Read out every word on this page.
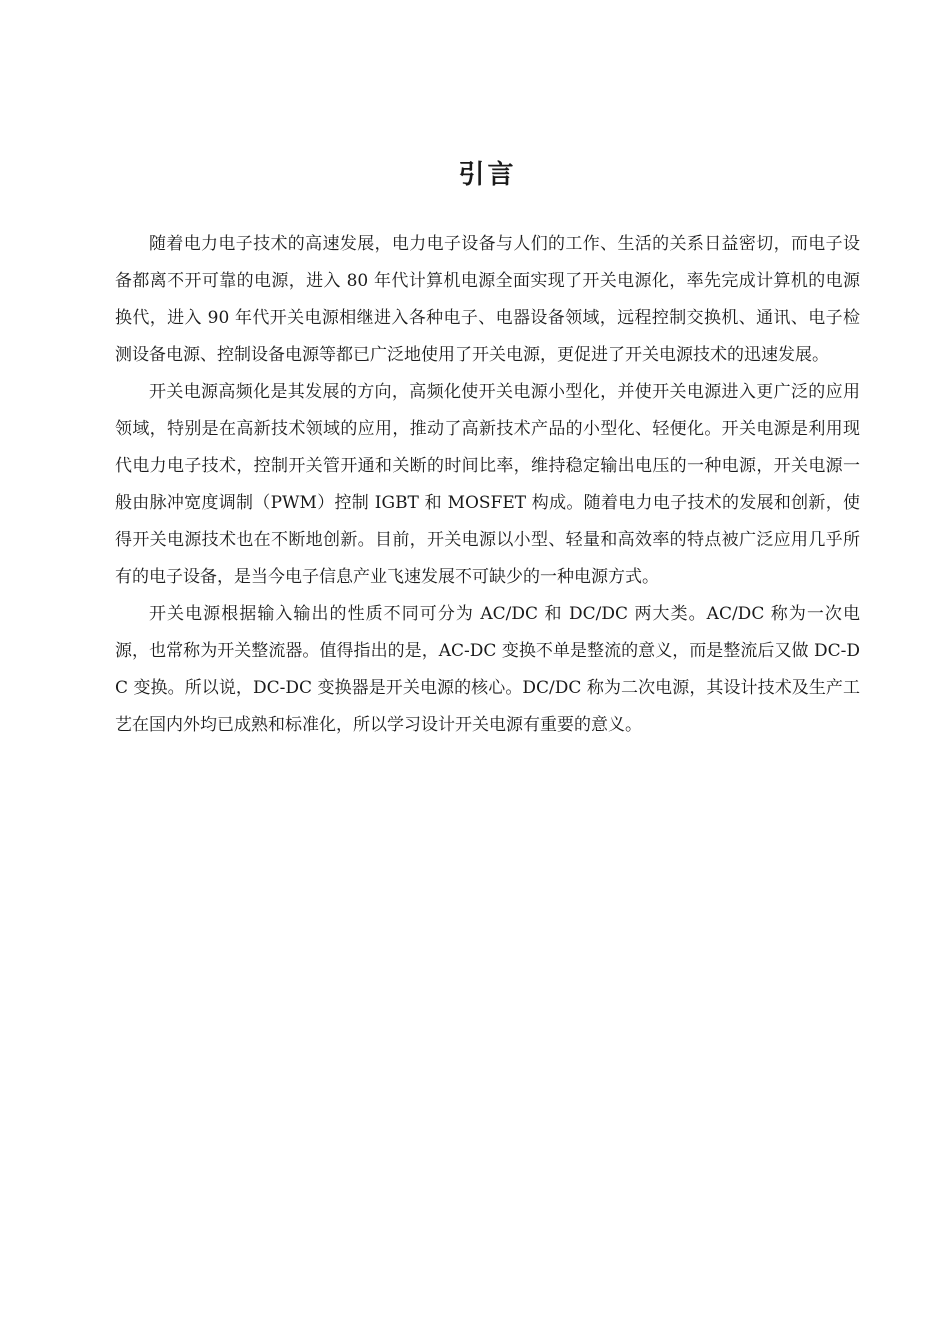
引言

随着电力电子技术的高速发展，电力电子设备与人们的工作、生活的关系日益密切，而电子设备都离不开可靠的电源，进入 80 年代计算机电源全面实现了开关电源化，率先完成计算机的电源换代，进入 90 年代开关电源相继进入各种电子、电器设备领域，远程控制交换机、通讯、电子检测设备电源、控制设备电源等都已广泛地使用了开关电源，更促进了开关电源技术的迅速发展。

开关电源高频化是其发展的方向，高频化使开关电源小型化，并使开关电源进入更广泛的应用领域，特别是在高新技术领域的应用，推动了高新技术产品的小型化、轻便化。开关电源是利用现代电力电子技术，控制开关管开通和关断的时间比率，维持稳定输出电压的一种电源，开关电源一般由脉冲宽度调制（PWM）控制 IGBT 和 MOSFET 构成。随着电力电子技术的发展和创新，使得开关电源技术也在不断地创新。目前，开关电源以小型、轻量和高效率的特点被广泛应用几乎所有的电子设备，是当今电子信息产业飞速发展不可缺少的一种电源方式。

开关电源根据输入输出的性质不同可分为 AC/DC 和 DC/DC 两大类。AC/DC 称为一次电源，也常称为开关整流器。值得指出的是，AC-DC 变换不单是整流的意义，而是整流后又做 DC-DC 变换。所以说，DC-DC 变换器是开关电源的核心。DC/DC 称为二次电源，其设计技术及生产工艺在国内外均已成熟和标准化，所以学习设计开关电源有重要的意义。
